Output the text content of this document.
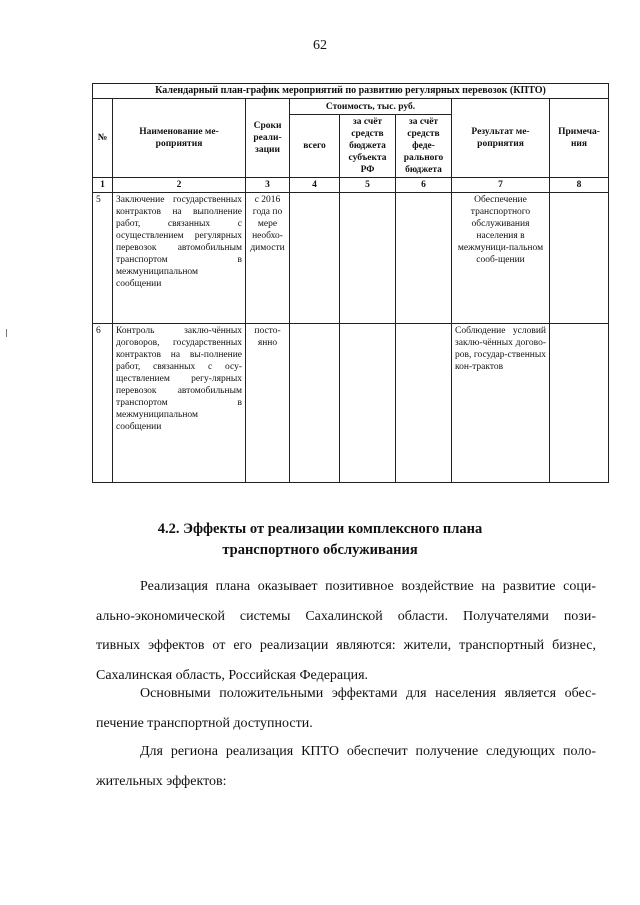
62
Календарный план-график мероприятий по развитию регулярных перевозок (КПТО)							
№	Наименование ме-роприятия	Сроки реали-зации	Стоимость, тыс. руб.			Результат ме-роприятия	Примеча-ния
			всего	за счёт средств бюджета субъекта РФ	за счёт средств феде-рального бюджета		
1	2	3	4	5	6	7	8
5	Заключение государственных контрактов на выполнение работ, связанных с осуществлением регулярных перевозок автомобильным транспортом в межмуниципальном сообщении	с 2016 года по мере необхо-димости				Обеспечение транспортного обслуживания населения в межмуници-пальном сооб-щении	
6	Контроль заклю-чённых договоров, государственных контрактов на вы-полнение работ, связанных с осу-ществлением регу-лярных перевозок автомобильным транспортом в межмуниципальном сообщении	посто-янно				Соблюдение условий заклю-чённых догово-ров, государ-ственных кон-трактов	
4.2. Эффекты от реализации комплексного плана
транспортного обслуживания
Реализация плана оказывает позитивное воздействие на развитие соци-
ально-экономической системы Сахалинской области. Получателями пози-
тивных эффектов от его реализации являются: жители, транспортный бизнес,
Сахалинская область, Российская Федерация.
Основными положительными эффектами для населения является обес-
печение транспортной доступности.
Для региона реализация КПТО обеспечит получение следующих поло-
жительных эффектов:
